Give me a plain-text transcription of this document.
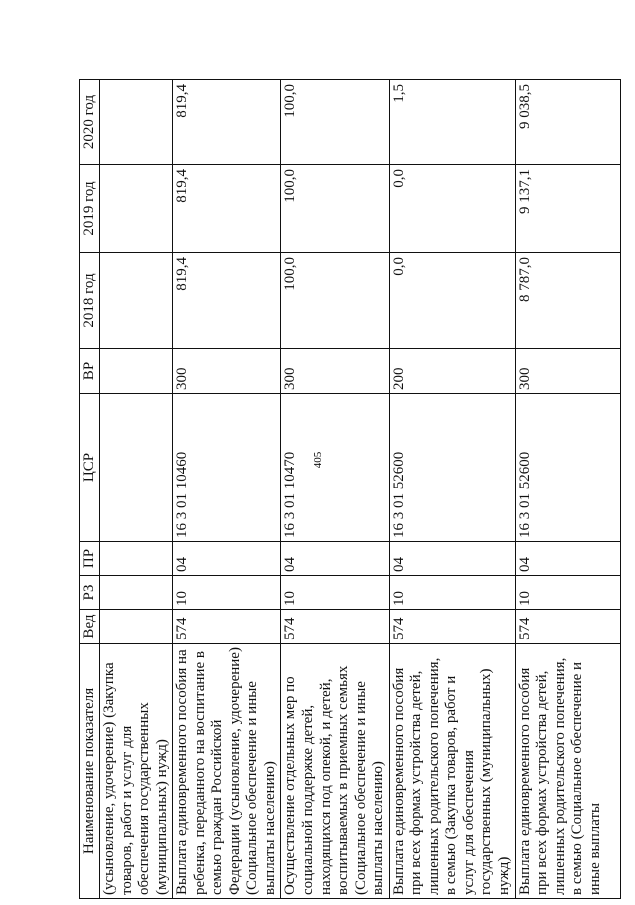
405
Наименование показателя	Вед	РЗ	ПР	ЦСР	ВР	2018 год	2019 год	2020 год
(усыновление, удочерение) (Закупка товаров, работ и услуг для обеспечения государственных (муниципальных) нужд)								
Выплата единовременного пособия на ребенка, переданного на воспитание в семью граждан Российской Федерации (усыновление, удочерение) (Социальное обеспечение и иные выплаты населению)	574	10	04	16 3 01 10460	300	819,4	819,4	819,4
Осуществление отдельных мер по социальной поддержке детей, находящихся под опекой, и детей, воспитываемых в приемных семьях (Социальное обеспечение и иные выплаты населению)	574	10	04	16 3 01 10470	300	100,0	100,0	100,0
Выплата единовременного пособия при всех формах устройства детей, лишенных родительского попечения, в семью (Закупка товаров, работ и услуг для обеспечения государственных (муниципальных) нужд)	574	10	04	16 3 01 52600	200	0,0	0,0	1,5
Выплата единовременного пособия при всех формах устройства детей, лишенных родительского попечения, в семью (Социальное обеспечение и иные выплаты	574	10	04	16 3 01 52600	300	8 787,0	9 137,1	9 038,5
